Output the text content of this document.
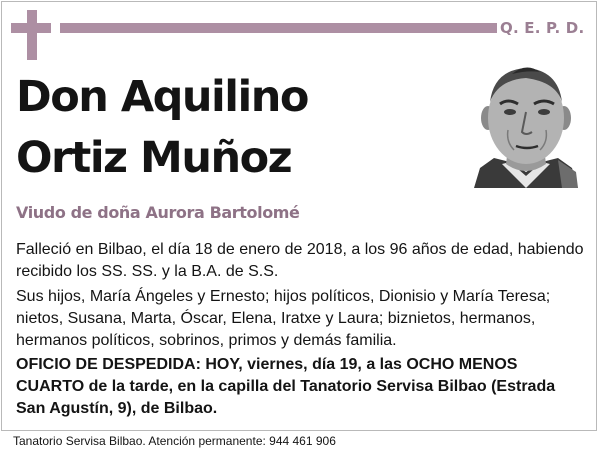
Q. E. P. D.
Don Aquilino
Ortiz Muñoz
Viudo de doña Aurora Bartolomé

Falleció en Bilbao, el día 18 de enero de 2018, a los 96 años de edad, habiendo recibido los SS. SS. y la B.A. de S.S.

Sus hijos, María Ángeles y Ernesto; hijos políticos, Dionisio y María Teresa; nietos, Susana, Marta, Óscar, Elena, Iratxe y Laura; biznietos, hermanos, hermanos políticos, sobrinos, primos y demás familia.

OFICIO DE DESPEDIDA: HOY, viernes, día 19, a las OCHO MENOS CUARTO de la tarde, en la capilla del Tanatorio Servisa Bilbao (Estrada San Agustín, 9), de Bilbao.

Tanatorio Servisa Bilbao. Atención permanente: 944 461 906
